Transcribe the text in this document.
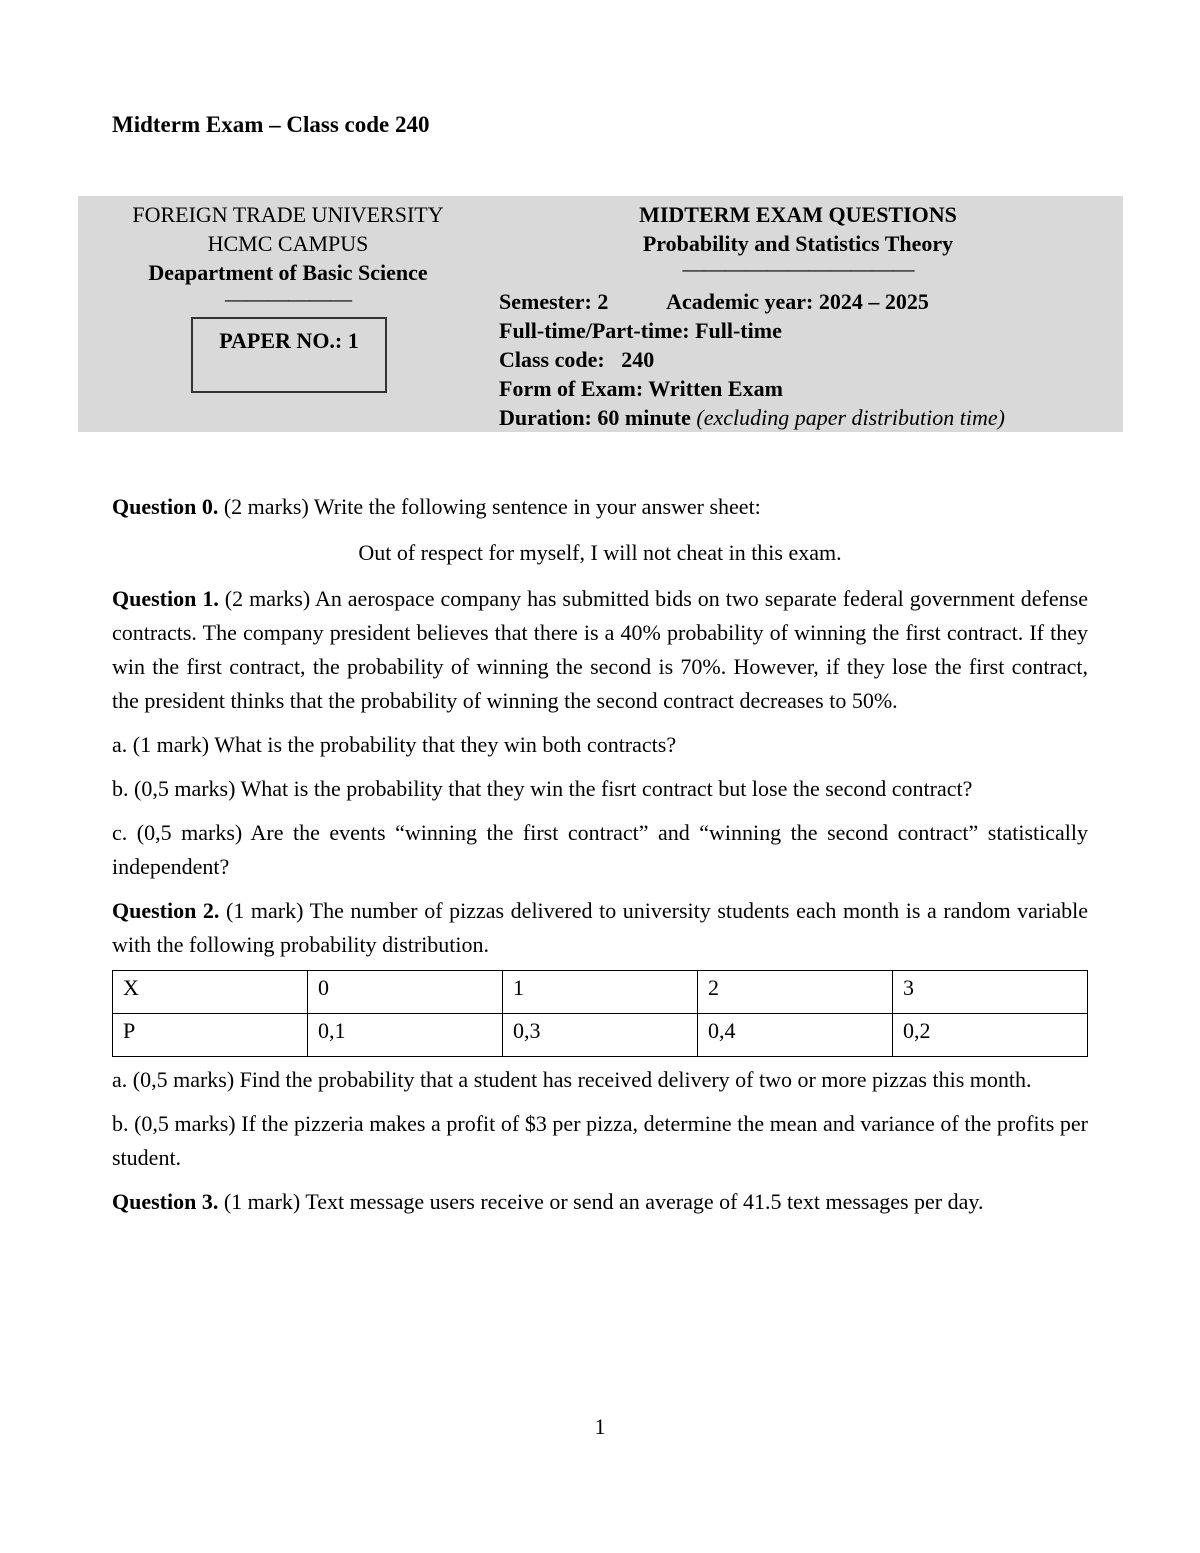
Midterm Exam – Class code 240

FOREIGN TRADE UNIVERSITY
HCMC CAMPUS
Deapartment of Basic Science
——————
PAPER NO.: 1
MIDTERM EXAM QUESTIONS
Probability and Statistics Theory
———————————
Semester: 2	Academic year: 2024 – 2025
Full-time/Part-time: Full-time
Class code:   240
Form of Exam: Written Exam
Duration: 60 minute (excluding paper distribution time)

Question 0. (2 marks) Write the following sentence in your answer sheet:

Out of respect for myself, I will not cheat in this exam.

Question 1. (2 marks) An aerospace company has submitted bids on two separate federal government defense contracts. The company president believes that there is a 40% probability of winning the first contract. If they win the first contract, the probability of winning the second is 70%. However, if they lose the first contract, the president thinks that the probability of winning the second contract decreases to 50%.

a. (1 mark) What is the probability that they win both contracts?

b. (0,5 marks) What is the probability that they win the fisrt contract but lose the second contract?

c. (0,5 marks) Are the events “winning the first contract” and “winning the second contract” statistically independent?

Question 2. (1 mark) The number of pizzas delivered to university students each month is a random variable with the following probability distribution.

X	0	1	2	3
P	0,1	0,3	0,4	0,2

a. (0,5 marks) Find the probability that a student has received delivery of two or more pizzas this month.

b. (0,5 marks) If the pizzeria makes a profit of $3 per pizza, determine the mean and variance of the profits per student.

Question 3. (1 mark) Text message users receive or send an average of 41.5 text messages per day.

1
